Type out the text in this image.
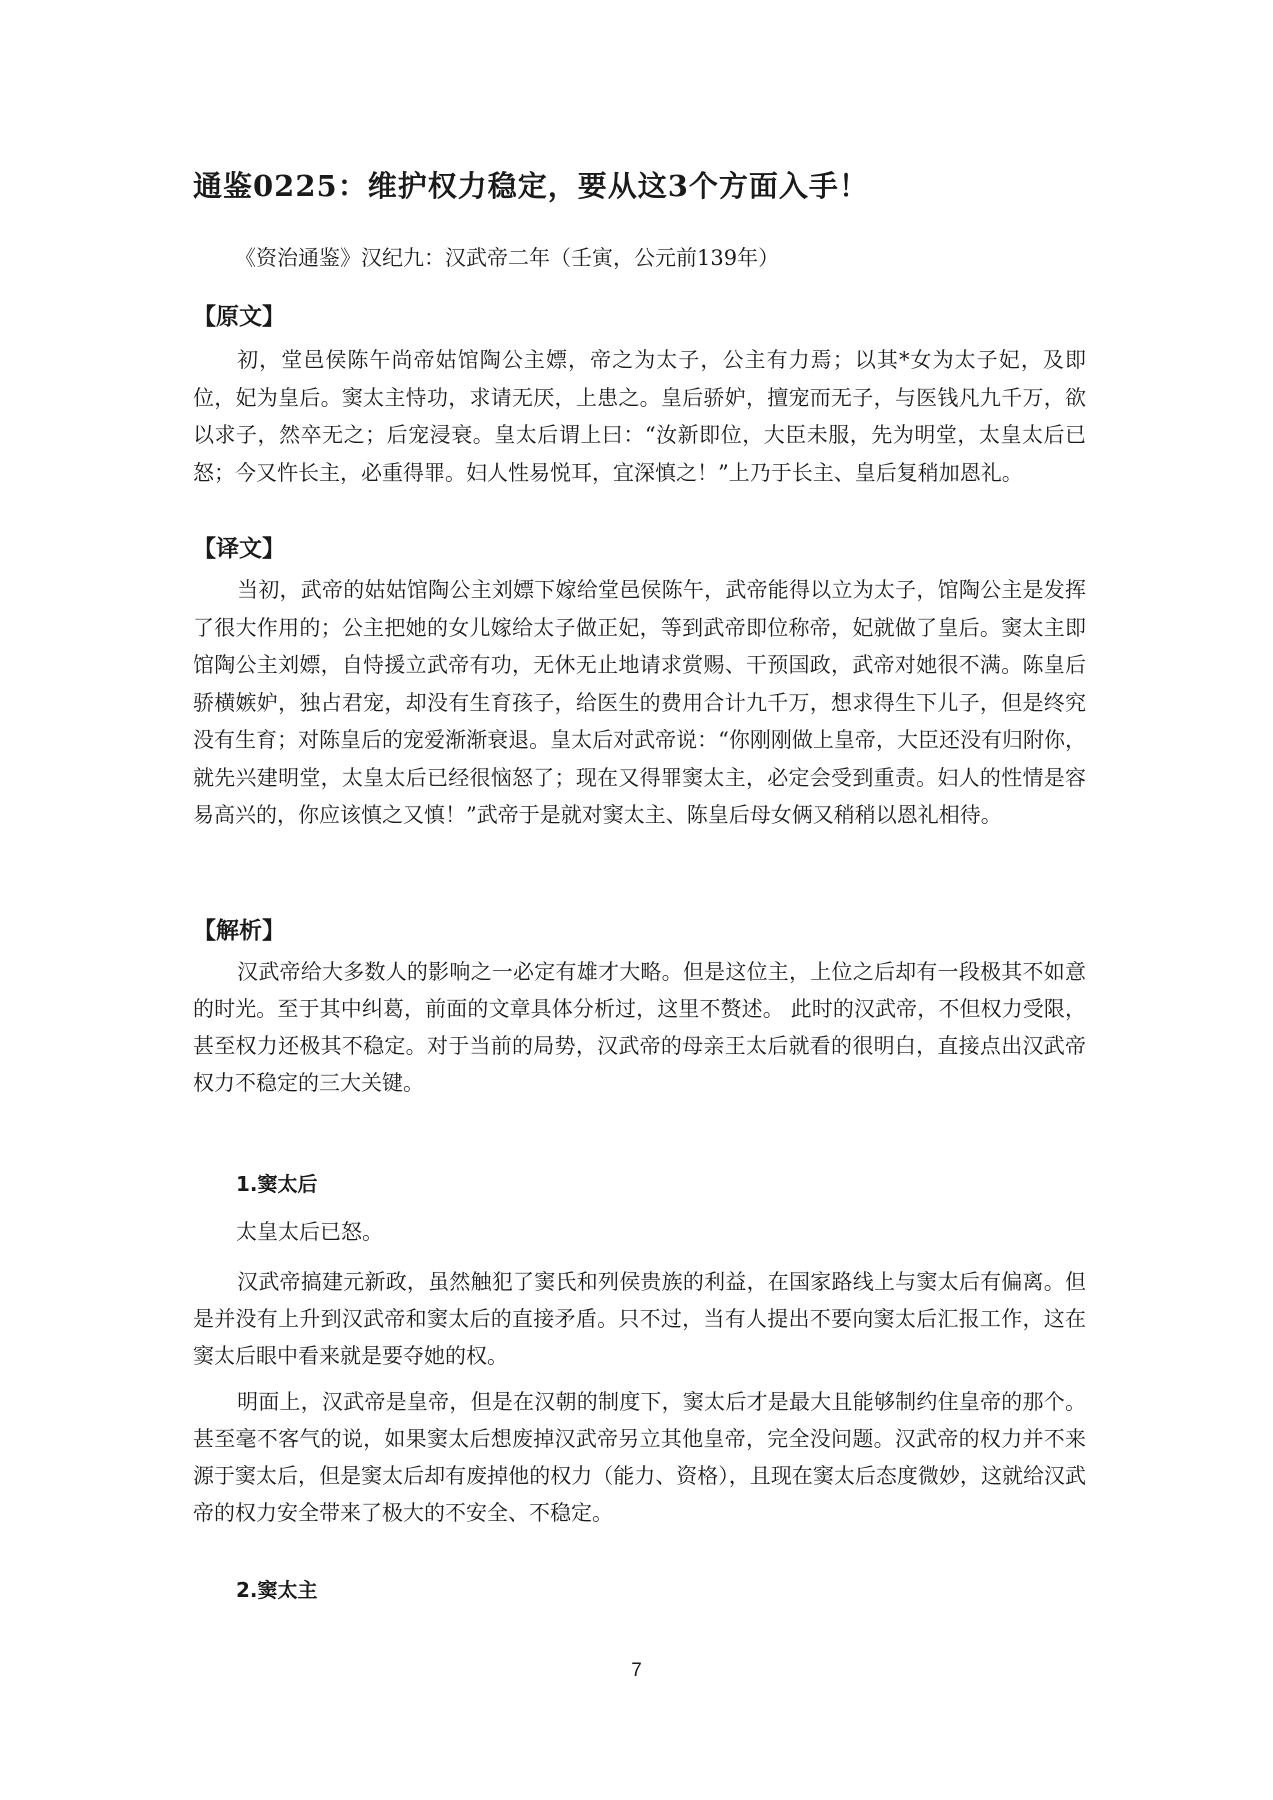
通鉴0225：维护权力稳定，要从这3个方面入手！
《资治通鉴》汉纪九：汉武帝二年（壬寅，公元前139年）
【原文】

初，堂邑侯陈午尚帝姑馆陶公主嫖，帝之为太子，公主有力焉；以其*女为太子妃，及即位，妃为皇后。窦太主恃功，求请无厌，上患之。皇后骄妒，擅宠而无子，与医钱凡九千万，欲以求子，然卒无之；后宠浸衰。皇太后谓上曰：“汝新即位，大臣未服，先为明堂，太皇太后已怒；今又忤长主，必重得罪。妇人性易悦耳，宜深慎之！”上乃于长主、皇后复稍加恩礼。

【译文】

当初，武帝的姑姑馆陶公主刘嫖下嫁给堂邑侯陈午，武帝能得以立为太子，馆陶公主是发挥了很大作用的；公主把她的女儿嫁给太子做正妃，等到武帝即位称帝，妃就做了皇后。窦太主即馆陶公主刘嫖，自恃援立武帝有功，无休无止地请求赏赐、干预国政，武帝对她很不满。陈皇后骄横嫉妒，独占君宠，却没有生育孩子，给医生的费用合计九千万，想求得生下儿子，但是终究没有生育；对陈皇后的宠爱渐渐衰退。皇太后对武帝说：“你刚刚做上皇帝，大臣还没有归附你，就先兴建明堂，太皇太后已经很恼怒了；现在又得罪窦太主，必定会受到重责。妇人的性情是容易高兴的，你应该慎之又慎！”武帝于是就对窦太主、陈皇后母女俩又稍稍以恩礼相待。

【解析】

汉武帝给大多数人的影响之一必定有雄才大略。但是这位主，上位之后却有一段极其不如意的时光。至于其中纠葛，前面的文章具体分析过，这里不赘述。 此时的汉武帝，不但权力受限，甚至权力还极其不稳定。对于当前的局势，汉武帝的母亲王太后就看的很明白，直接点出汉武帝权力不稳定的三大关键。

1.窦太后
太皇太后已怒。

汉武帝搞建元新政，虽然触犯了窦氏和列侯贵族的利益，在国家路线上与窦太后有偏离。但是并没有上升到汉武帝和窦太后的直接矛盾。只不过，当有人提出不要向窦太后汇报工作，这在窦太后眼中看来就是要夺她的权。

明面上，汉武帝是皇帝，但是在汉朝的制度下，窦太后才是最大且能够制约住皇帝的那个。甚至毫不客气的说，如果窦太后想废掉汉武帝另立其他皇帝，完全没问题。汉武帝的权力并不来源于窦太后，但是窦太后却有废掉他的权力（能力、资格），且现在窦太后态度微妙，这就给汉武帝的权力安全带来了极大的不安全、不稳定。

2.窦太主
7
